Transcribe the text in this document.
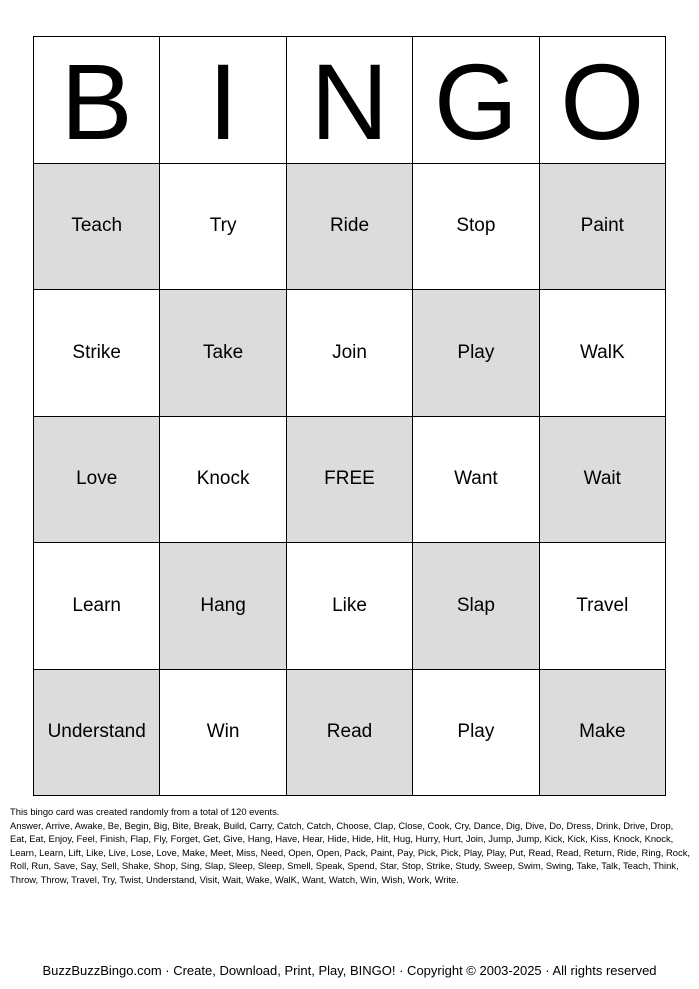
B I N G O
Teach	Try	Ride	Stop	Paint
Strike	Take	Join	Play	WalK
Love	Knock	FREE	Want	Wait
Learn	Hang	Like	Slap	Travel
Understand	Win	Read	Play	Make

This bingo card was created randomly from a total of 120 events.

Answer, Arrive, Awake, Be, Begin, Big, Bite, Break, Build, Carry, Catch, Catch, Choose, Clap, Close, Cook, Cry, Dance, Dig, Dive, Do, Dress, Drink, Drive, Drop, Eat, Eat, Enjoy, Feel, Finish, Flap, Fly, Forget, Get, Give, Hang, Have, Hear, Hide, Hide, Hit, Hug, Hurry, Hurt, Join, Jump, Jump, Kick, Kick, Kiss, Knock, Knock, Learn, Learn, Lift, Like, Live, Lose, Love, Make, Meet, Miss, Need, Open, Open, Pack, Paint, Pay, Pick, Pick, Play, Play, Put, Read, Read, Return, Ride, Ring, Rock, Roll, Run, Save, Say, Sell, Shake, Shop, Sing, Slap, Sleep, Sleep, Smell, Speak, Spend, Star, Stop, Strike, Study, Sweep, Swim, Swing, Take, Talk, Teach, Think, Throw, Throw, Travel, Try, Twist, Understand, Visit, Wait, Wake, WalK, Want, Watch, Win, Wish, Work, Write.

BuzzBuzzBingo.com · Create, Download, Print, Play, BINGO! · Copyright © 2003-2025 · All rights reserved
